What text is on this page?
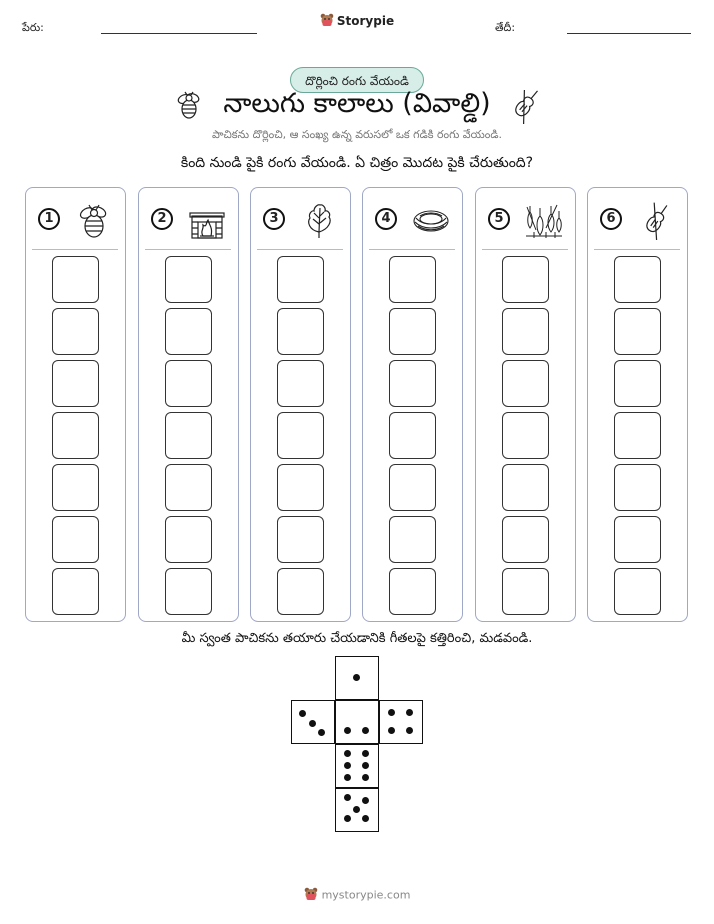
పేరు:	Storypie	తేదీ:
దొర్లించి రంగు వేయండి
నాలుగు కాలాలు (వివాల్డి)
పాచికను దొర్లించి, ఆ సంఖ్య ఉన్న వరుసలో ఒక గడికి రంగు వేయండి.
కింది నుండి పైకి రంగు వేయండి. ఏ చిత్రం మొదట పైకి చేరుతుంది?
1	2	3	4	5	6
మీ స్వంత పాచికను తయారు చేయడానికి గీతలపై కత్తిరించి, మడవండి.
mystorypie.com
